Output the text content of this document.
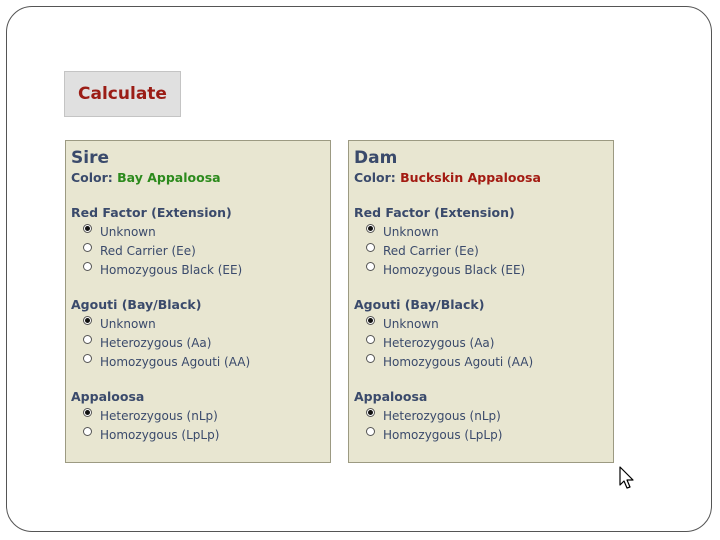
Calculate
Sire
Color: Bay Appaloosa
Red Factor (Extension)
Unknown
Red Carrier (Ee)
Homozygous Black (EE)
Agouti (Bay/Black)
Unknown
Heterozygous (Aa)
Homozygous Agouti (AA)
Appaloosa
Heterozygous (nLp)
Homozygous (LpLp)
Dam
Color: Buckskin Appaloosa
Red Factor (Extension)
Unknown
Red Carrier (Ee)
Homozygous Black (EE)
Agouti (Bay/Black)
Unknown
Heterozygous (Aa)
Homozygous Agouti (AA)
Appaloosa
Heterozygous (nLp)
Homozygous (LpLp)
